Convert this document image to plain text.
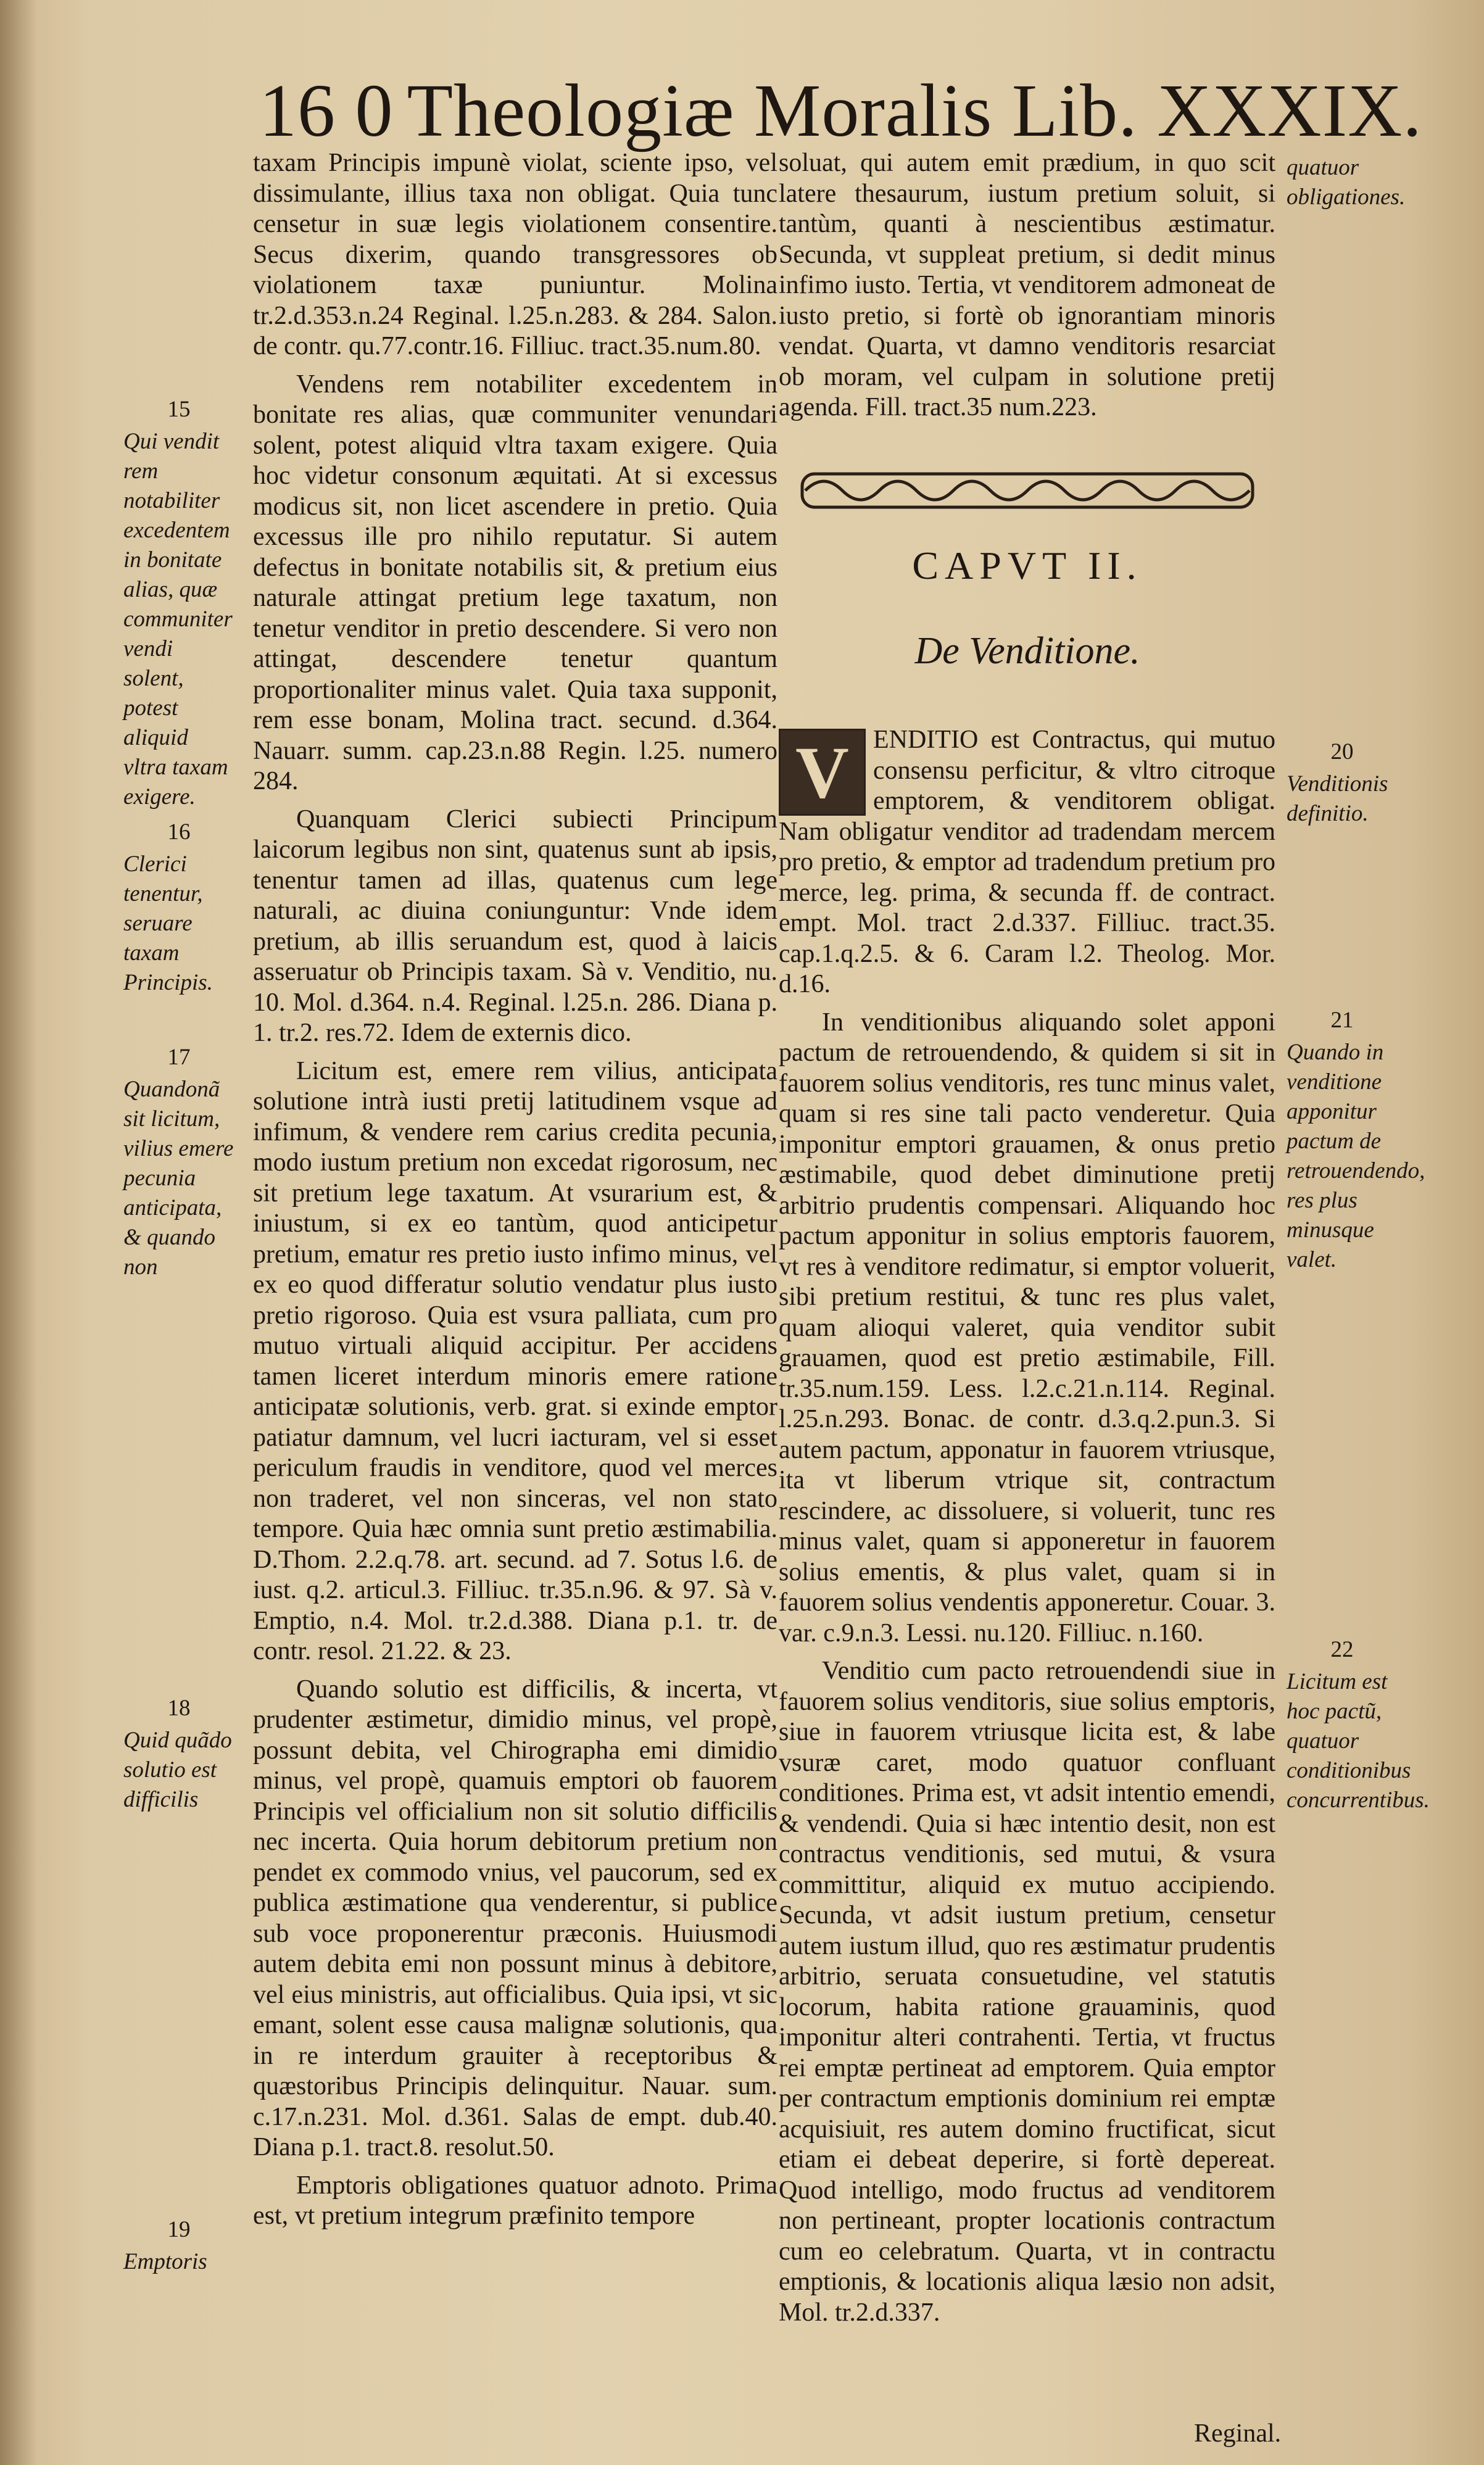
16 0 Theologiæ Moralis Lib. XXXIX.
15
Qui vendit rem notabiliter excedentem in bonitate alias, quæ communiter vendi solent, potest aliquid vltra taxam exigere.
16
Clerici tenentur, seruare taxam Principis.
17
Quandonã sit licitum, vilius emere pecunia anticipata, & quando non
18
Quid quãdo solutio est difficilis
19
Emptoris

taxam Principis impunè violat, sciente ipso, vel dissimulante, illius taxa non obligat. Quia tunc censetur in suæ legis violationem consentire. Secus dixerim, quando transgressores ob violationem taxæ puniuntur. Molina tr.2.d.353.n.24 Reginal. l.25.n.283. & 284. Salon. de contr. qu.77.contr.16. Filliuc. tract.35.num.80.

Vendens rem notabiliter excedentem in bonitate res alias, quæ communiter venundari solent, potest aliquid vltra taxam exigere. Quia hoc videtur consonum æquitati. At si excessus modicus sit, non licet ascendere in pretio. Quia excessus ille pro nihilo reputatur. Si autem defectus in bonitate notabilis sit, & pretium eius naturale attingat pretium lege taxatum, non tenetur venditor in pretio descendere. Si vero non attingat, descendere tenetur quantum proportionaliter minus valet. Quia taxa supponit, rem esse bonam, Molina tract. secund. d.364. Nauarr. summ. cap.23.n.88 Regin. l.25. numero 284.

Quanquam Clerici subiecti Principum laicorum legibus non sint, quatenus sunt ab ipsis, tenentur tamen ad illas, quatenus cum lege naturali, ac diuina coniunguntur: Vnde idem pretium, ab illis seruandum est, quod à laicis asseruatur ob Principis taxam. Sà v. Venditio, nu. 10. Mol. d.364. n.4. Reginal. l.25.n. 286. Diana p. 1. tr.2. res.72. Idem de externis dico.

Licitum est, emere rem vilius, anticipata solutione intrà iusti pretij latitudinem vsque ad infimum, & vendere rem carius credita pecunia, modo iustum pretium non excedat rigorosum, nec sit pretium lege taxatum. At vsurarium est, & iniustum, si ex eo tantùm, quod anticipetur pretium, ematur res pretio iusto infimo minus, vel ex eo quod differatur solutio vendatur plus iusto pretio rigoroso. Quia est vsura palliata, cum pro mutuo virtuali aliquid accipitur. Per accidens tamen liceret interdum minoris emere ratione anticipatæ solutionis, verb. grat. si exinde emptor patiatur damnum, vel lucri iacturam, vel si esset periculum fraudis in venditore, quod vel merces non traderet, vel non sinceras, vel non stato tempore. Quia hæc omnia sunt pretio æstimabilia. D.Thom. 2.2.q.78. art. secund. ad 7. Sotus l.6. de iust. q.2. articul.3. Filliuc. tr.35.n.96. & 97. Sà v. Emptio, n.4. Mol. tr.2.d.388. Diana p.1. tr. de contr. resol. 21.22. & 23.

Quando solutio est difficilis, & incerta, vt prudenter æstimetur, dimidio minus, vel propè, possunt debita, vel Chirographa emi dimidio minus, vel propè, quamuis emptori ob fauorem Principis vel officialium non sit solutio difficilis nec incerta. Quia horum debitorum pretium non pendet ex commodo vnius, vel paucorum, sed ex publica æstimatione qua venderentur, si publice sub voce proponerentur præconis. Huiusmodi autem debita emi non possunt minus à debitore, vel eius ministris, aut officialibus. Quia ipsi, vt sic emant, solent esse causa malignæ solutionis, qua in re interdum grauiter à receptoribus & quæstoribus Principis delinquitur. Nauar. sum. c.17.n.231. Mol. d.361. Salas de empt. dub.40. Diana p.1. tract.8. resolut.50.

Emptoris obligationes quatuor adnoto. Prima est, vt pretium integrum præfinito tempore

soluat, qui autem emit prædium, in quo scit latere thesaurum, iustum pretium soluit, si tantùm, quanti à nescientibus æstimatur. Secunda, vt suppleat pretium, si dedit minus infimo iusto. Tertia, vt venditorem admoneat de iusto pretio, si fortè ob ignorantiam minoris vendat. Quarta, vt damno venditoris resarciat ob moram, vel culpam in solutione pretij agenda. Fill. tract.35 num.223.

CAPVT II.
De Venditione.

V ENDITIO est Contractus, qui mutuo consensu perficitur, & vltro citroque emptorem, & venditorem obligat. Nam obligatur venditor ad tradendam mercem pro pretio, & emptor ad tradendum pretium pro merce, leg. prima, & secunda ff. de contract. empt. Mol. tract 2.d.337. Filliuc. tract.35. cap.1.q.2.5. & 6. Caram l.2. Theolog. Mor. d.16.

In venditionibus aliquando solet apponi pactum de retrouendendo, & quidem si sit in fauorem solius venditoris, res tunc minus valet, quam si res sine tali pacto venderetur. Quia imponitur emptori grauamen, & onus pretio æstimabile, quod debet diminutione pretij arbitrio prudentis compensari. Aliquando hoc pactum apponitur in solius emptoris fauorem, vt res à venditore redimatur, si emptor voluerit, sibi pretium restitui, & tunc res plus valet, quam alioqui valeret, quia venditor subit grauamen, quod est pretio æstimabile, Fill. tr.35.num.159. Less. l.2.c.21.n.114. Reginal. l.25.n.293. Bonac. de contr. d.3.q.2.pun.3. Si autem pactum, apponatur in fauorem vtriusque, ita vt liberum vtrique sit, contractum rescindere, ac dissoluere, si voluerit, tunc res minus valet, quam si apponeretur in fauorem solius ementis, & plus valet, quam si in fauorem solius vendentis apponeretur. Couar. 3. var. c.9.n.3. Lessi. nu.120. Filliuc. n.160.

Venditio cum pacto retrouendendi siue in fauorem solius venditoris, siue solius emptoris, siue in fauorem vtriusque licita est, & labe vsuræ caret, modo quatuor confluant conditiones. Prima est, vt adsit intentio emendi, & vendendi. Quia si hæc intentio desit, non est contractus venditionis, sed mutui, & vsura committitur, aliquid ex mutuo accipiendo. Secunda, vt adsit iustum pretium, censetur autem iustum illud, quo res æstimatur prudentis arbitrio, seruata consuetudine, vel statutis locorum, habita ratione grauaminis, quod imponitur alteri contrahenti. Tertia, vt fructus rei emptæ pertineat ad emptorem. Quia emptor per contractum emptionis dominium rei emptæ acquisiuit, res autem domino fructificat, sicut etiam ei debeat deperire, si fortè depereat. Quod intelligo, modo fructus ad venditorem non pertineant, propter locationis contractum cum eo celebratum. Quarta, vt in contractu emptionis, & locationis aliqua læsio non adsit, Mol. tr.2.d.337.

Reginal.
quatuor obligationes.
20
Venditionis definitio.
21
Quando in venditione apponitur pactum de retrouendendo, res plus minusque valet.
22
Licitum est hoc pactũ, quatuor conditionibus concurrentibus.
